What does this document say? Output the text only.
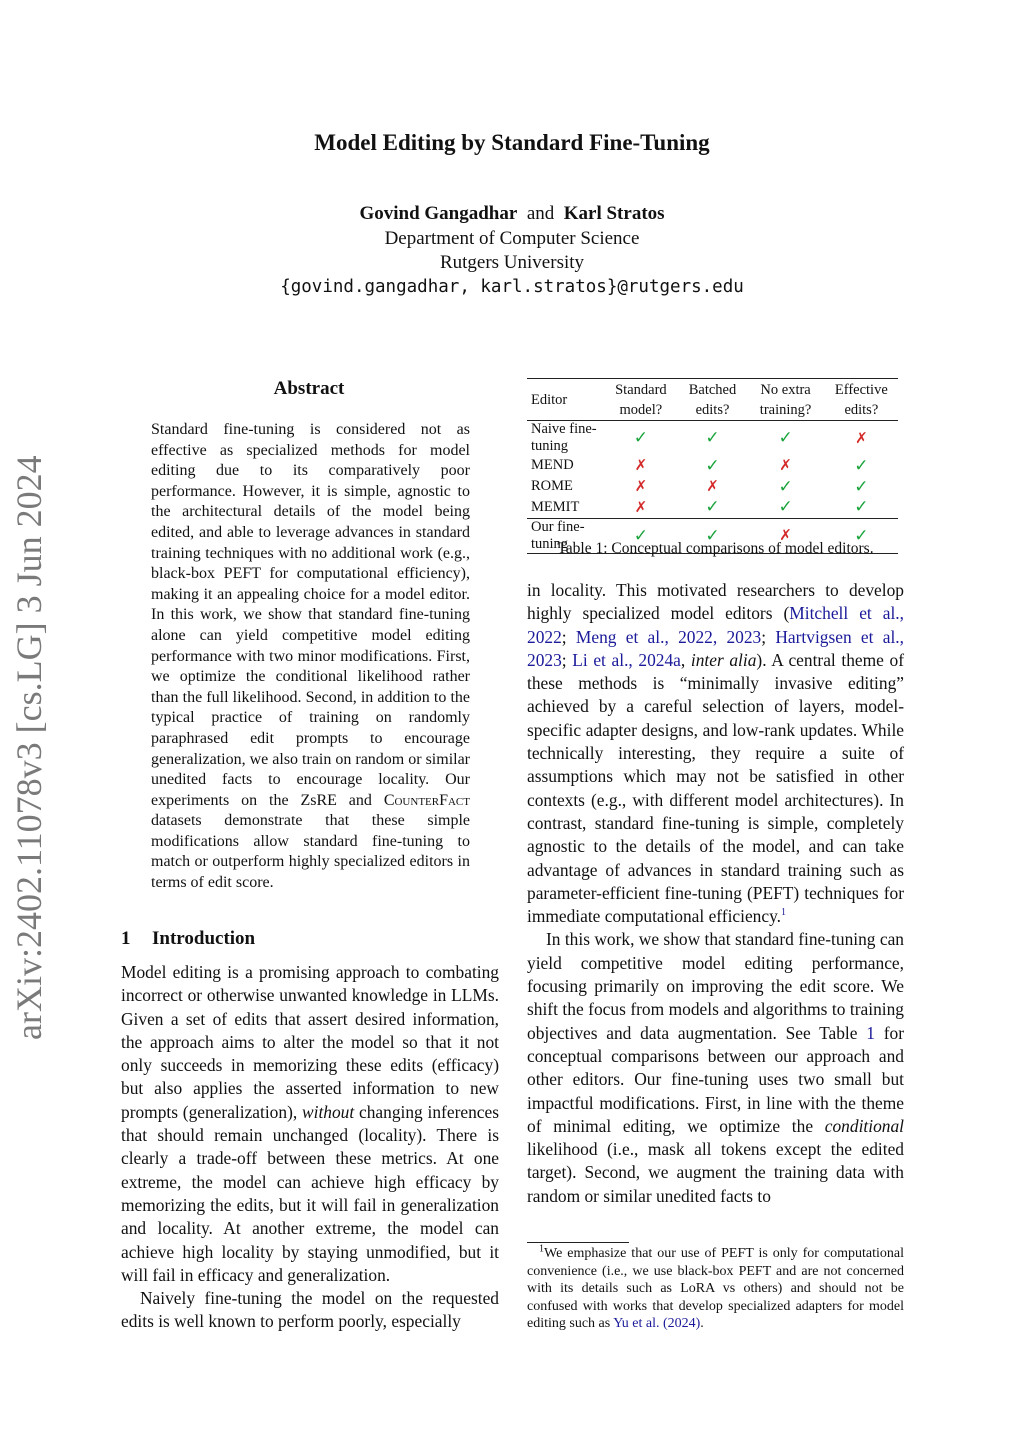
arXiv:2402.11078v3 [cs.LG] 3 Jun 2024
Model Editing by Standard Fine-Tuning
Govind Gangadhar and Karl Stratos
Department of Computer Science
Rutgers University
{govind.gangadhar, karl.stratos}@rutgers.edu
Abstract
Standard fine-tuning is considered not as effective as specialized methods for model editing due to its comparatively poor performance. However, it is simple, agnostic to the architectural details of the model being edited, and able to leverage advances in standard training techniques with no additional work (e.g., black-box PEFT for computational efficiency), making it an appealing choice for a model editor. In this work, we show that standard fine-tuning alone can yield competitive model editing performance with two minor modifications. First, we optimize the conditional likelihood rather than the full likelihood. Second, in addition to the typical practice of training on randomly paraphrased edit prompts to encourage generalization, we also train on random or similar unedited facts to encourage locality. Our experiments on the ZsRE and CounterFact datasets demonstrate that these simple modifications allow standard fine-tuning to match or outperform highly specialized editors in terms of edit score.
Editor	Standard model?	Batched edits?	No extra training?	Effective edits?
Naive fine-tuning	✓	✓	✓	✗
MEND	✗	✓	✗	✓
ROME	✗	✗	✓	✓
MEMIT	✗	✓	✓	✓
Our fine-tuning	✓	✓	✗	✓
Table 1: Conceptual comparisons of model editors.
1 Introduction

Model editing is a promising approach to combating incorrect or otherwise unwanted knowledge in LLMs. Given a set of edits that assert desired information, the approach aims to alter the model so that it not only succeeds in memorizing these edits (efficacy) but also applies the asserted information to new prompts (generalization), without changing inferences that should remain unchanged (locality). There is clearly a trade-off between these metrics. At one extreme, the model can achieve high efficacy by memorizing the edits, but it will fail in generalization and locality. At another extreme, the model can achieve high locality by staying unmodified, but it will fail in efficacy and generalization.

Naively fine-tuning the model on the requested edits is well known to perform poorly, especially

in locality. This motivated researchers to develop highly specialized model editors (Mitchell et al., 2022; Meng et al., 2022, 2023; Hartvigsen et al., 2023; Li et al., 2024a, inter alia). A central theme of these methods is “minimally invasive editing” achieved by a careful selection of layers, model-specific adapter designs, and low-rank updates. While technically interesting, they require a suite of assumptions which may not be satisfied in other contexts (e.g., with different model architectures). In contrast, standard fine-tuning is simple, completely agnostic to the details of the model, and can take advantage of advances in standard training such as parameter-efficient fine-tuning (PEFT) techniques for immediate computational efficiency.$^1$

In this work, we show that standard fine-tuning can yield competitive model editing performance, focusing primarily on improving the edit score. We shift the focus from models and algorithms to training objectives and data augmentation. See Table 1 for conceptual comparisons between our approach and other editors. Our fine-tuning uses two small but impactful modifications. First, in line with the theme of minimal editing, we optimize the conditional likelihood (i.e., mask all tokens except the edited target). Second, we augment the training data with random or similar unedited facts to

$^1$We emphasize that our use of PEFT is only for computational convenience (i.e., we use black-box PEFT and are not concerned with its details such as LoRA vs others) and should not be confused with works that develop specialized adapters for model editing such as Yu et al. (2024).
